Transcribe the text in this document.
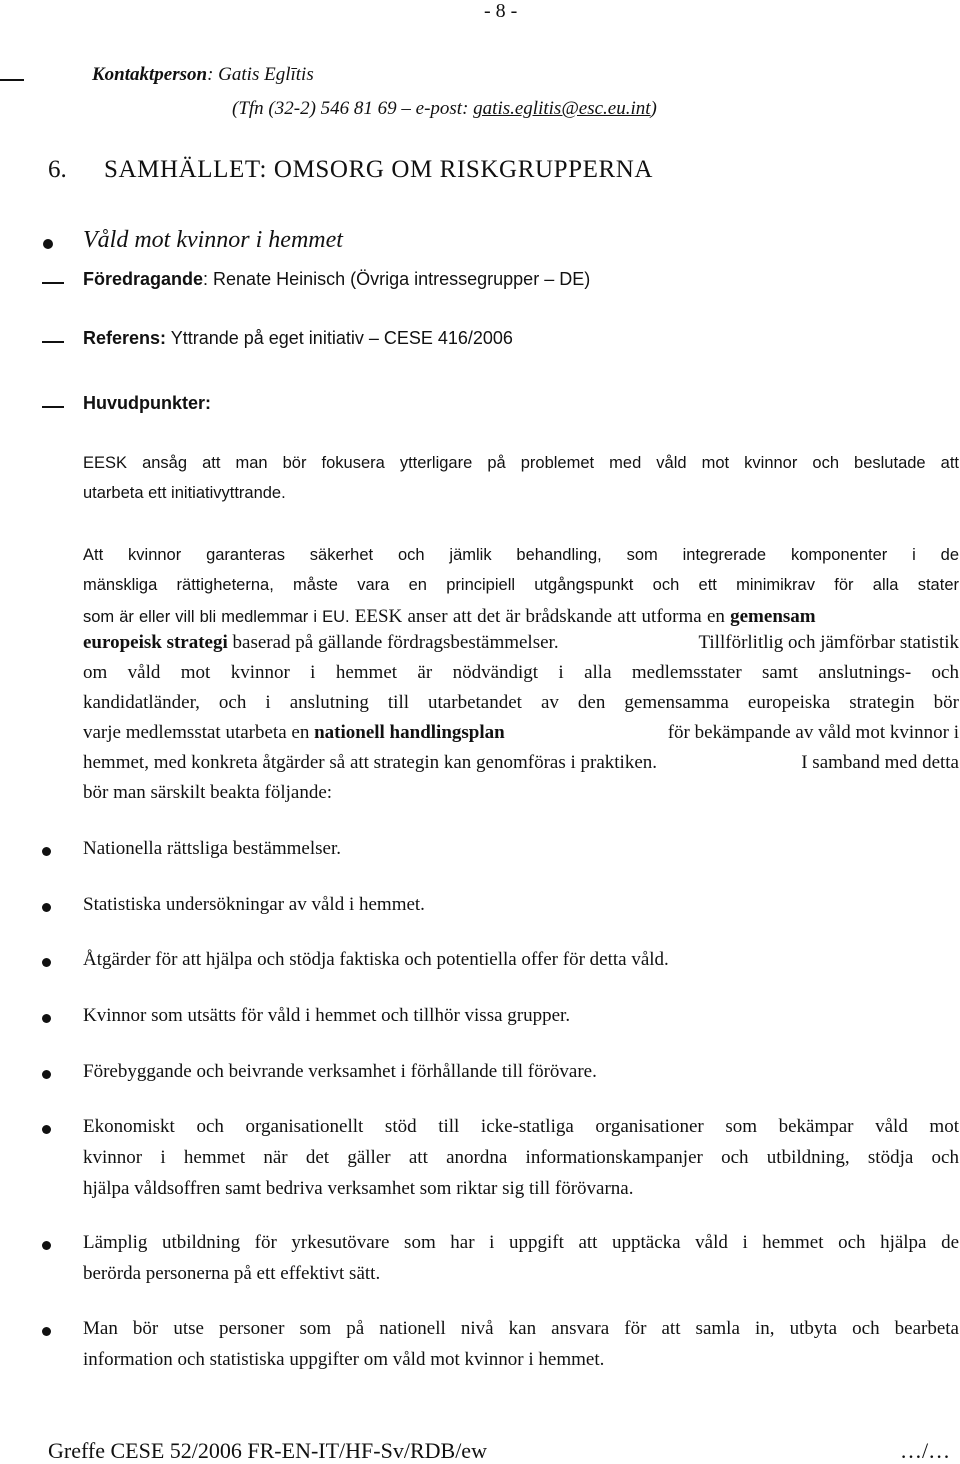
- 8 -
Kontaktperson: Gatis Eglītis
(Tfn (32-2) 546 81 69 – e-post: gatis.eglitis@esc.eu.int)
6. SAMHÄLLET: OMSORG OM RISKGRUPPERNA
Våld mot kvinnor i hemmet
Föredragande: Renate Heinisch (Övriga intressegrupper – DE)
Referens: Yttrande på eget initiativ – CESE 416/2006
Huvudpunkter:
EESK ansåg att man bör fokusera ytterligare på problemet med våld mot kvinnor och beslutade att
utarbeta ett initiativyttrande.
Att kvinnor garanteras säkerhet och jämlik behandling, som integrerade komponenter i de
mänskliga rättigheterna, måste vara en principiell utgångspunkt och ett minimikrav för alla stater
som är eller vill bli medlemmar i EU. EESK anser att det är brådskande att utforma en gemensam
europeisk strategi baserad på gällande fördragsbestämmelser.	Tillförlitlig och jämförbar statistik
om våld mot kvinnor i hemmet är nödvändigt i alla medlemsstater samt anslutnings- och
kandidatländer, och i anslutning till utarbetandet av den gemensamma europeiska strategin bör
varje medlemsstat utarbeta en nationell handlingsplan	för bekämpande av våld mot kvinnor i
hemmet, med konkreta åtgärder så att strategin kan genomföras i praktiken.	I samband med detta
bör man särskilt beakta följande:
Nationella rättsliga bestämmelser.
Statistiska undersökningar av våld i hemmet.
Åtgärder för att hjälpa och stödja faktiska och potentiella offer för detta våld.
Kvinnor som utsätts för våld i hemmet och tillhör vissa grupper.
Förebyggande och beivrande verksamhet i förhållande till förövare.
Ekonomiskt och organisationellt stöd till icke-statliga organisationer som bekämpar våld mot
kvinnor i hemmet när det gäller att anordna informationskampanjer och utbildning, stödja och
hjälpa våldsoffren samt bedriva verksamhet som riktar sig till förövarna.
Lämplig utbildning för yrkesutövare som har i uppgift att upptäcka våld i hemmet och hjälpa de
berörda personerna på ett effektivt sätt.
Man bör utse personer som på nationell nivå kan ansvara för att samla in, utbyta och bearbeta
information och statistiska uppgifter om våld mot kvinnor i hemmet.
Greffe CESE 52/2006 FR-EN-IT/HF-Sv/RDB/ew	…/…
